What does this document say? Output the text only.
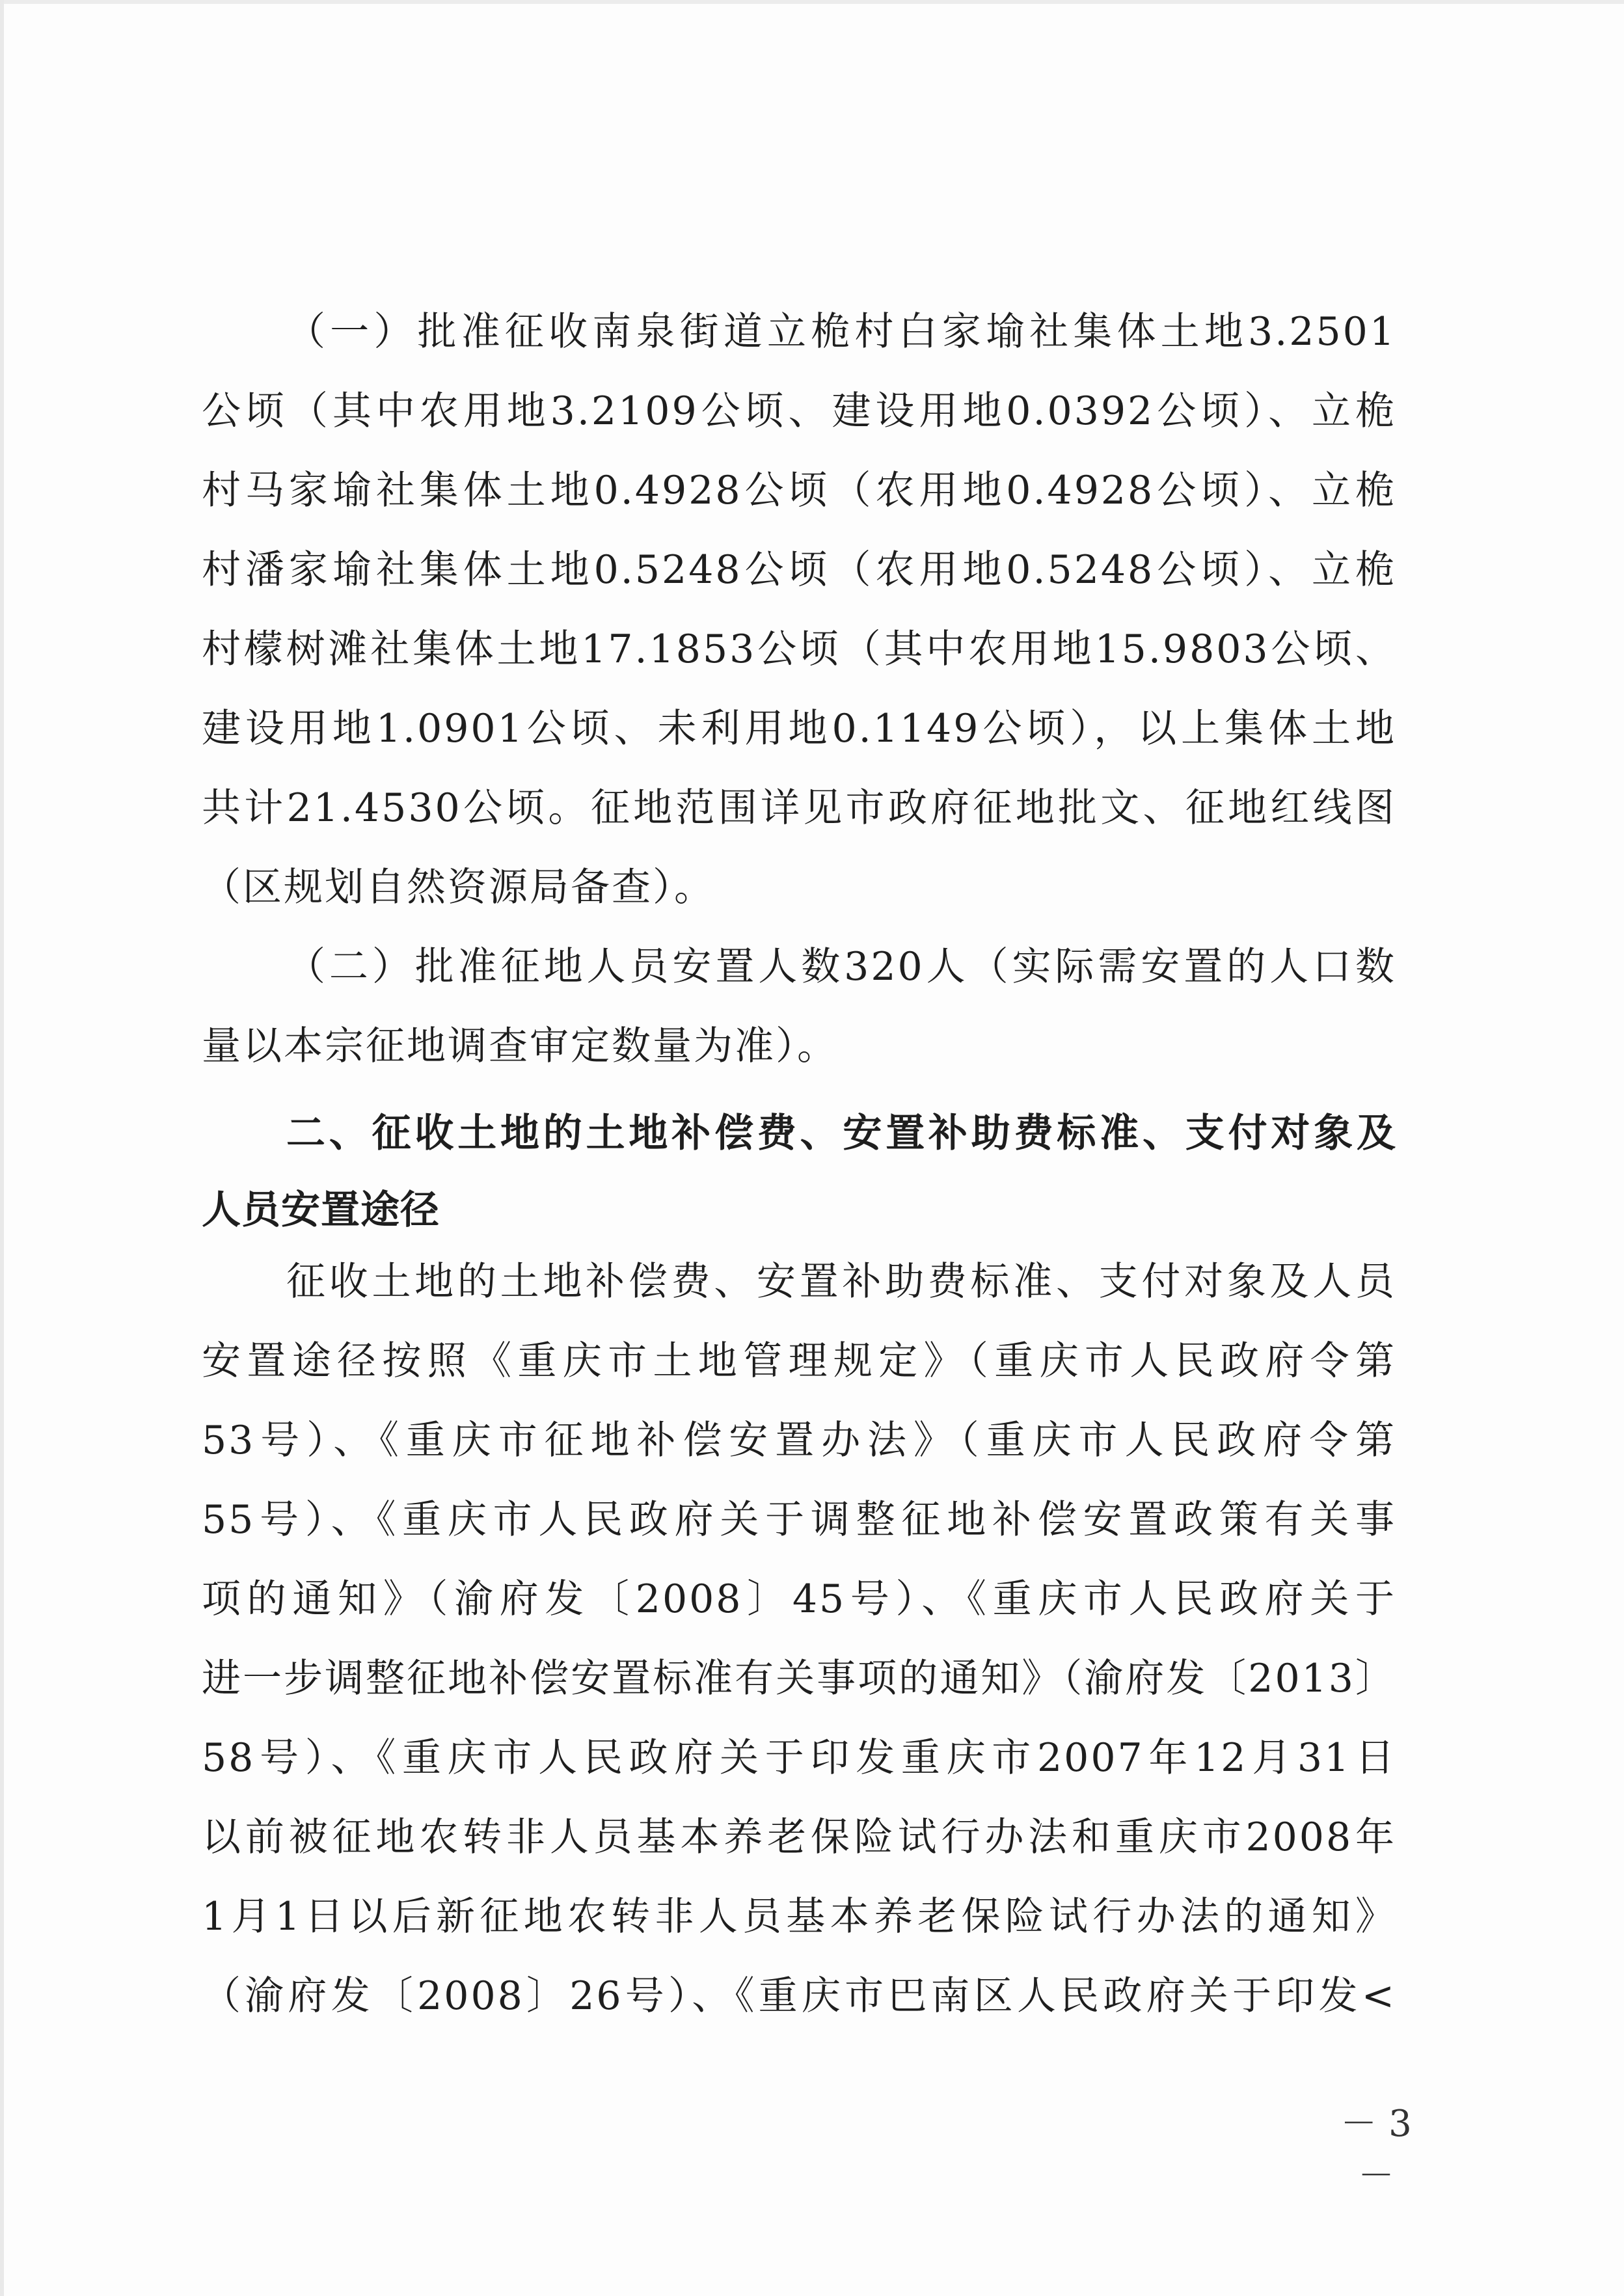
（一）批准征收南泉街道立桅村白家堬社集体土地3.2501
公顷（其中农用地3.2109公顷、建设用地0.0392公顷）、立桅
村马家堬社集体土地0.4928公顷（农用地0.4928公顷）、立桅
村潘家堬社集体土地0.5248公顷（农用地0.5248公顷）、立桅
村檬树滩社集体土地17.1853公顷（其中农用地15.9803公顷、
建设用地1.0901公顷、未利用地0.1149公顷），以上集体土地
共计21.4530公顷。征地范围详见市政府征地批文、征地红线图
（区规划自然资源局备查）。
（二）批准征地人员安置人数320人（实际需安置的人口数
量以本宗征地调查审定数量为准）。
二、征收土地的土地补偿费、安置补助费标准、支付对象及
人员安置途径
征收土地的土地补偿费、安置补助费标准、支付对象及人员
安置途径按照《重庆市土地管理规定》（重庆市人民政府令第
53号）、《重庆市征地补偿安置办法》（重庆市人民政府令第
55号）、《重庆市人民政府关于调整征地补偿安置政策有关事
项的通知》（渝府发〔2008〕45号）、《重庆市人民政府关于
进一步调整征地补偿安置标准有关事项的通知》（渝府发〔2013〕
58号）、《重庆市人民政府关于印发重庆市2007年12月31日
以前被征地农转非人员基本养老保险试行办法和重庆市2008年
1月1日以后新征地农转非人员基本养老保险试行办法的通知》
（渝府发〔2008〕26号）、《重庆市巴南区人民政府关于印发<
－ 3 －
